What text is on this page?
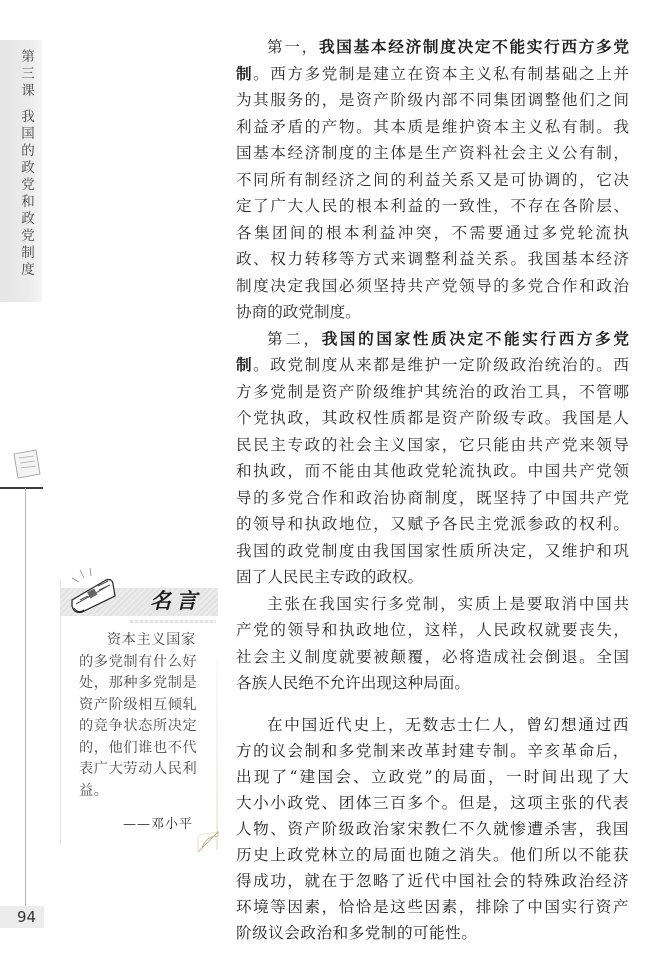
第三课
我国的政党和政党制度
名言
资本主义国家
的多党制有什么好
处，那种多党制是
资产阶级相互倾轧
的竞争状态所决定
的，他们谁也不代
表广大劳动人民利
益。
——邓小平
94
第一，我国基本经济制度决定不能实行西方多党
制。西方多党制是建立在资本主义私有制基础之上并
为其服务的，是资产阶级内部不同集团调整他们之间
利益矛盾的产物。其本质是维护资本主义私有制。我
国基本经济制度的主体是生产资料社会主义公有制，
不同所有制经济之间的利益关系又是可协调的，它决
定了广大人民的根本利益的一致性，不存在各阶层、
各集团间的根本利益冲突，不需要通过多党轮流执
政、权力转移等方式来调整利益关系。我国基本经济
制度决定我国必须坚持共产党领导的多党合作和政治
协商的政党制度。
第二，我国的国家性质决定不能实行西方多党
制。政党制度从来都是维护一定阶级政治统治的。西
方多党制是资产阶级维护其统治的政治工具，不管哪
个党执政，其政权性质都是资产阶级专政。我国是人
民民主专政的社会主义国家，它只能由共产党来领导
和执政，而不能由其他政党轮流执政。中国共产党领
导的多党合作和政治协商制度，既坚持了中国共产党
的领导和执政地位，又赋予各民主党派参政的权利。
我国的政党制度由我国国家性质所决定，又维护和巩
固了人民民主专政的政权。
主张在我国实行多党制，实质上是要取消中国共
产党的领导和执政地位，这样，人民政权就要丧失，
社会主义制度就要被颠覆，必将造成社会倒退。全国
各族人民绝不允许出现这种局面。
在中国近代史上，无数志士仁人，曾幻想通过西
方的议会制和多党制来改革封建专制。辛亥革命后，
出现了“建国会、立政党”的局面，一时间出现了大
大小小政党、团体三百多个。但是，这项主张的代表
人物、资产阶级政治家宋教仁不久就惨遭杀害，我国
历史上政党林立的局面也随之消失。他们所以不能获
得成功，就在于忽略了近代中国社会的特殊政治经济
环境等因素，恰恰是这些因素，排除了中国实行资产
阶级议会政治和多党制的可能性。
